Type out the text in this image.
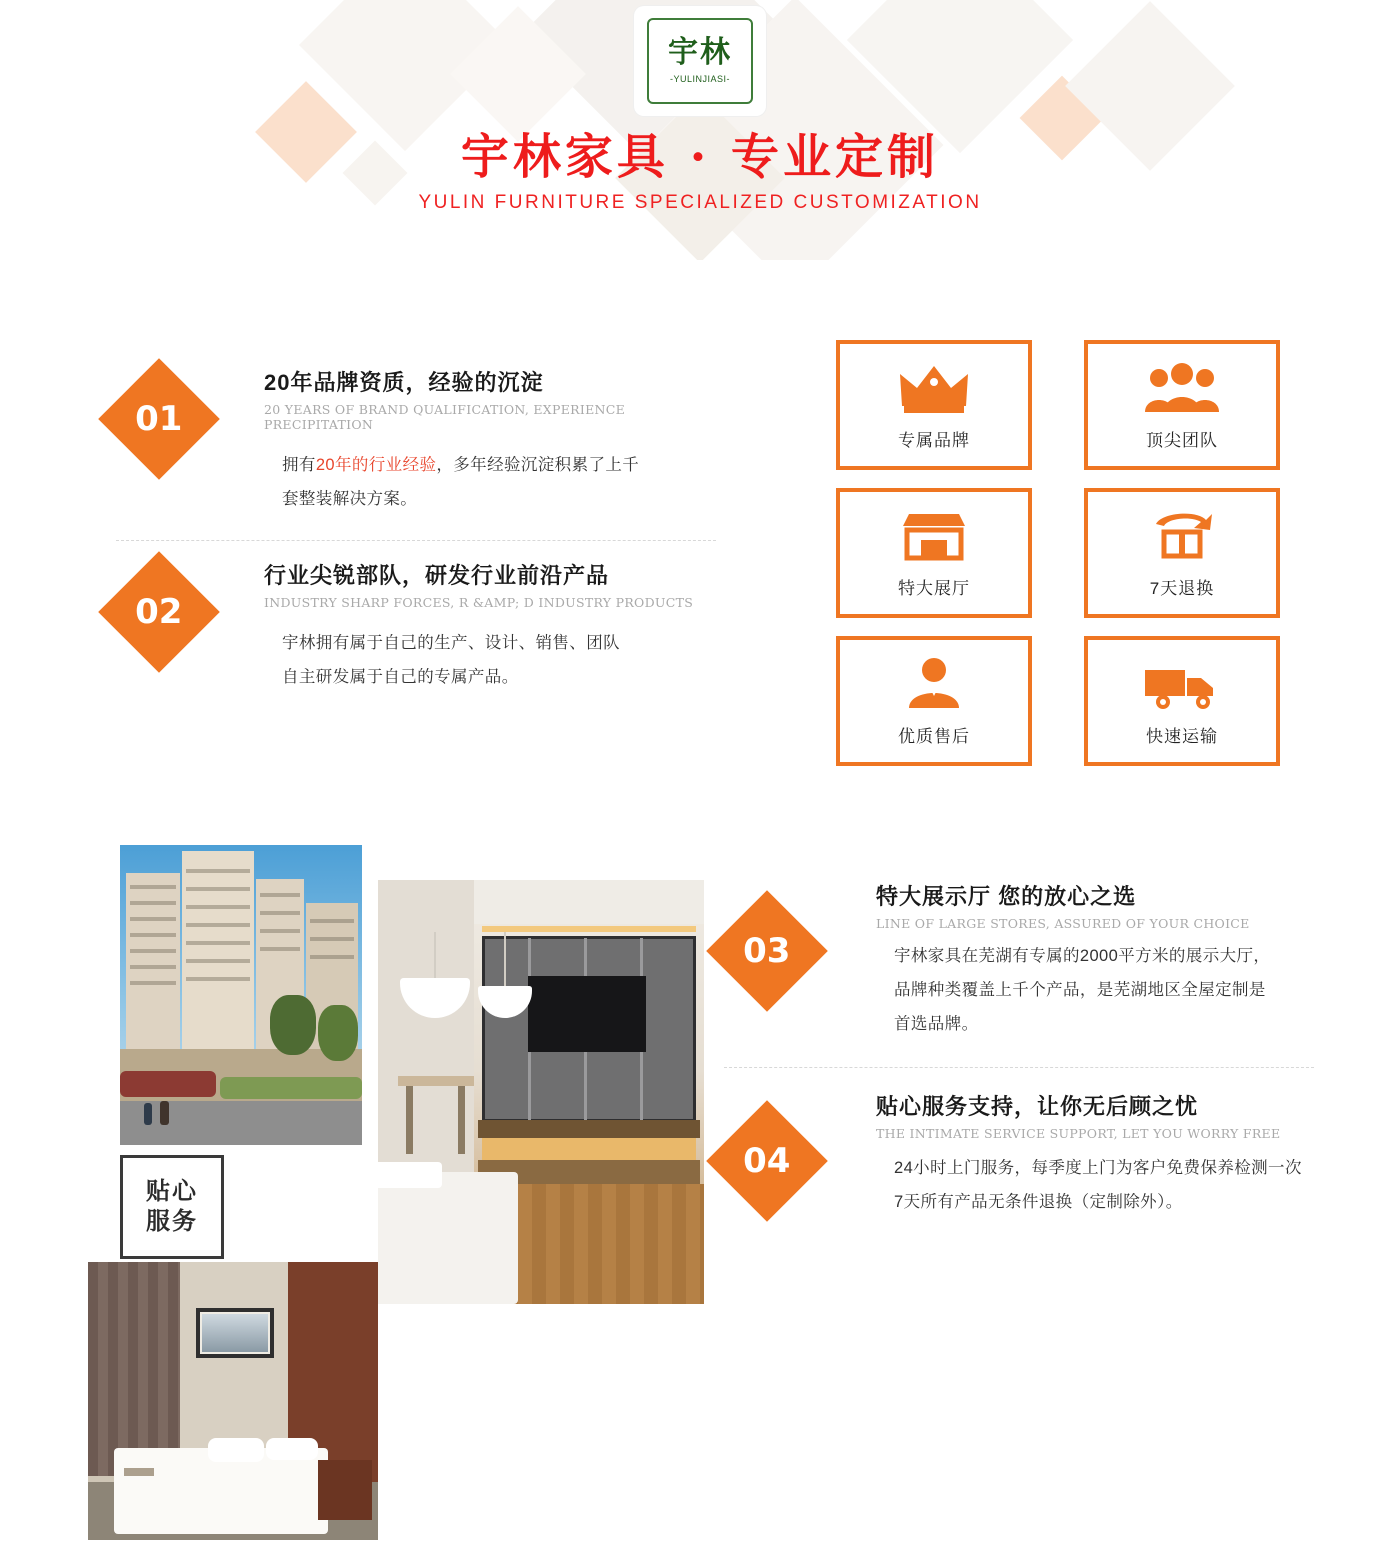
宇林
-YULINJIASI-
宇林家具 · 专业定制
YULIN FURNITURE SPECIALIZED CUSTOMIZATION
01
20年品牌资质，经验的沉淀
20 YEARS OF BRAND QUALIFICATION, EXPERIENCE PRECIPITATION
拥有20年的行业经验，多年经验沉淀积累了上千
套整装解决方案。
02
行业尖锐部队，研发行业前沿产品
INDUSTRY SHARP FORCES, R &AMP; D INDUSTRY PRODUCTS
宇林拥有属于自己的生产、设计、销售、团队
自主研发属于自己的专属产品。
专属品牌	顶尖团队
特大展厅	7天退换
优质售后	快速运输
贴心
服务
03
特大展示厅 您的放心之选
LINE OF LARGE STORES, ASSURED OF YOUR CHOICE
宇林家具在芜湖有专属的2000平方米的展示大厅，
品牌种类覆盖上千个产品，是芜湖地区全屋定制是
首选品牌。
04
贴心服务支持，让你无后顾之忧
THE INTIMATE SERVICE SUPPORT, LET YOU WORRY FREE
24小时上门服务，每季度上门为客户免费保养检测一次
7天所有产品无条件退换（定制除外）。
